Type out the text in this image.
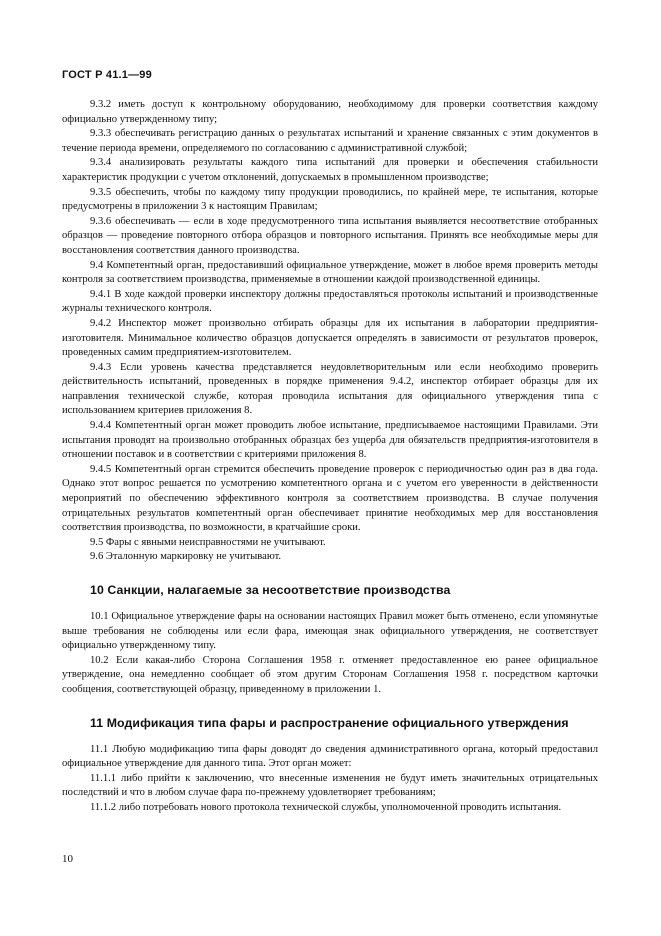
ГОСТ Р 41.1—99

9.3.2 иметь доступ к контрольному оборудованию, необходимому для проверки соответствия каждому официально утвержденному типу;

9.3.3 обеспечивать регистрацию данных о результатах испытаний и хранение связанных с этим документов в течение периода времени, определяемого по согласованию с административной службой;

9.3.4 анализировать результаты каждого типа испытаний для проверки и обеспечения стабильности характеристик продукции с учетом отклонений, допускаемых в промышленном производстве;

9.3.5 обеспечить, чтобы по каждому типу продукции проводились, по крайней мере, те испытания, которые предусмотрены в приложении 3 к настоящим Правилам;

9.3.6 обеспечивать — если в ходе предусмотренного типа испытания выявляется несоответствие отобранных образцов — проведение повторного отбора образцов и повторного испытания. Принять все необходимые меры для восстановления соответствия данного производства.

9.4 Компетентный орган, предоставивший официальное утверждение, может в любое время проверить методы контроля за соответствием производства, применяемые в отношении каждой производственной единицы.

9.4.1 В ходе каждой проверки инспектору должны предоставляться протоколы испытаний и производственные журналы технического контроля.

9.4.2 Инспектор может произвольно отбирать образцы для их испытания в лаборатории предприятия-изготовителя. Минимальное количество образцов допускается определять в зависимости от результатов проверок, проведенных самим предприятием-изготовителем.

9.4.3 Если уровень качества представляется неудовлетворительным или если необходимо проверить действительность испытаний, проведенных в порядке применения 9.4.2, инспектор отбирает образцы для их направления технической службе, которая проводила испытания для официального утверждения типа с использованием критериев приложения 8.

9.4.4 Компетентный орган может проводить любое испытание, предписываемое настоящими Правилами. Эти испытания проводят на произвольно отобранных образцах без ущерба для обязательств предприятия-изготовителя в отношении поставок и в соответствии с критериями приложения 8.

9.4.5 Компетентный орган стремится обеспечить проведение проверок с периодичностью один раз в два года. Однако этот вопрос решается по усмотрению компетентного органа и с учетом его уверенности в действенности мероприятий по обеспечению эффективного контроля за соответствием производства. В случае получения отрицательных результатов компетентный орган обеспечивает принятие необходимых мер для восстановления соответствия производства, по возможности, в кратчайшие сроки.

9.5 Фары с явными неисправностями не учитывают.

9.6 Эталонную маркировку не учитывают.

10 Санкции, налагаемые за несоответствие производства

10.1 Официальное утверждение фары на основании настоящих Правил может быть отменено, если упомянутые выше требования не соблюдены или если фара, имеющая знак официального утверждения, не соответствует официально утвержденному типу.

10.2 Если какая-либо Сторона Соглашения 1958 г. отменяет предоставленное ею ранее официальное утверждение, она немедленно сообщает об этом другим Сторонам Соглашения 1958 г. посредством карточки сообщения, соответствующей образцу, приведенному в приложении 1.

11 Модификация типа фары и распространение официального утверждения

11.1 Любую модификацию типа фары доводят до сведения административного органа, который предоставил официальное утверждение для данного типа. Этот орган может:

11.1.1 либо прийти к заключению, что внесенные изменения не будут иметь значительных отрицательных последствий и что в любом случае фара по-прежнему удовлетворяет требованиям;

11.1.2 либо потребовать нового протокола технической службы, уполномоченной проводить испытания.

10
